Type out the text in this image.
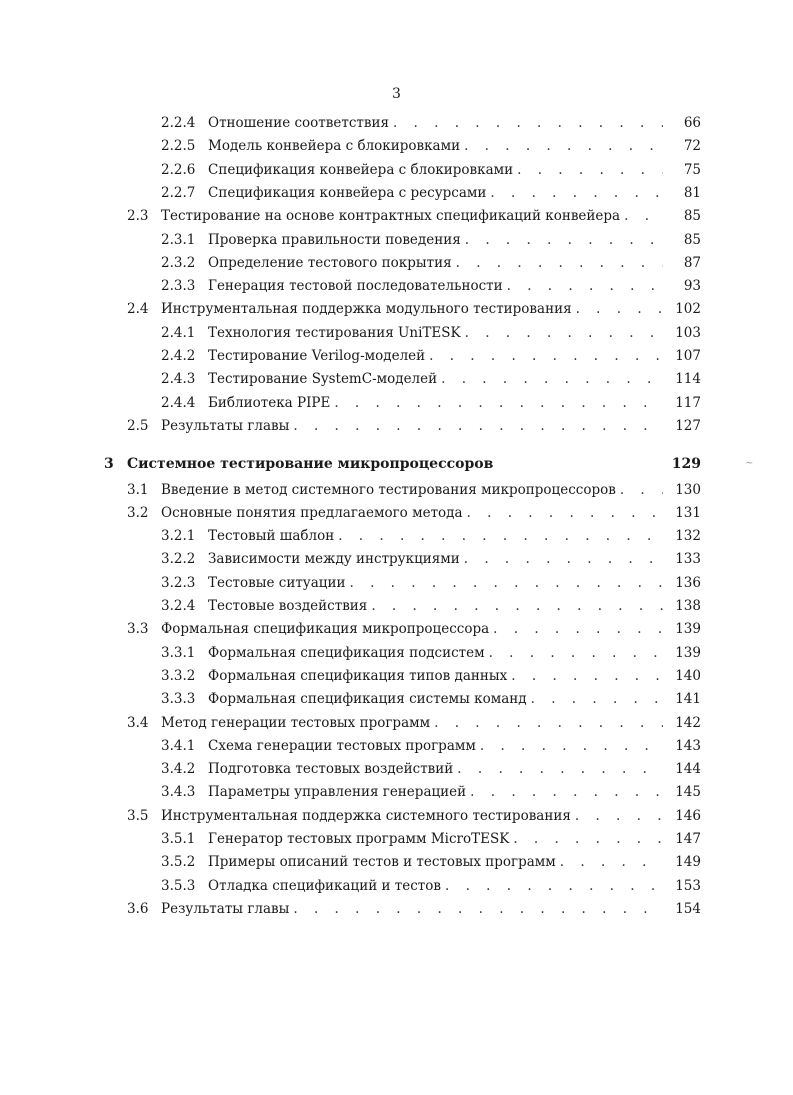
3
2.2.4 Отношение соответствия . . .	66
2.2.5 Модель конвейера с блокировками . . .	72
2.2.6 Спецификация конвейера с блокировками . . .	75
2.2.7 Спецификация конвейера с ресурсами . . .	81
2.3 Тестирование на основе контрактных спецификаций конвейера . . .	85
2.3.1 Проверка правильности поведения . . .	85
2.3.2 Определение тестового покрытия . . .	87
2.3.3 Генерация тестовой последовательности . . .	93
2.4 Инструментальная поддержка модульного тестирования . . .	102
2.4.1 Технология тестирования UniTESK . . .	103
2.4.2 Тестирование Verilog-моделей . . .	107
2.4.3 Тестирование SystemC-моделей . . .	114
2.4.4 Библиотека PIPE . . .	117
2.5 Результаты главы . . .	127
3 Системное тестирование микропроцессоров	129
3.1 Введение в метод системного тестирования микропроцессоров . . .	130
3.2 Основные понятия предлагаемого метода . . .	131
3.2.1 Тестовый шаблон . . .	132
3.2.2 Зависимости между инструкциями . . .	133
3.2.3 Тестовые ситуации . . .	136
3.2.4 Тестовые воздействия . . .	138
3.3 Формальная спецификация микропроцессора . . .	139
3.3.1 Формальная спецификация подсистем . . .	139
3.3.2 Формальная спецификация типов данных . . .	140
3.3.3 Формальная спецификация системы команд . . .	141
3.4 Метод генерации тестовых программ . . .	142
3.4.1 Схема генерации тестовых программ . . .	143
3.4.2 Подготовка тестовых воздействий . . .	144
3.4.3 Параметры управления генерацией . . .	145
3.5 Инструментальная поддержка системного тестирования . . .	146
3.5.1 Генератор тестовых программ MicroTESK . . .	147
3.5.2 Примеры описаний тестов и тестовых программ . . .	149
3.5.3 Отладка спецификаций и тестов . . .	153
3.6 Результаты главы . . .	154
~
